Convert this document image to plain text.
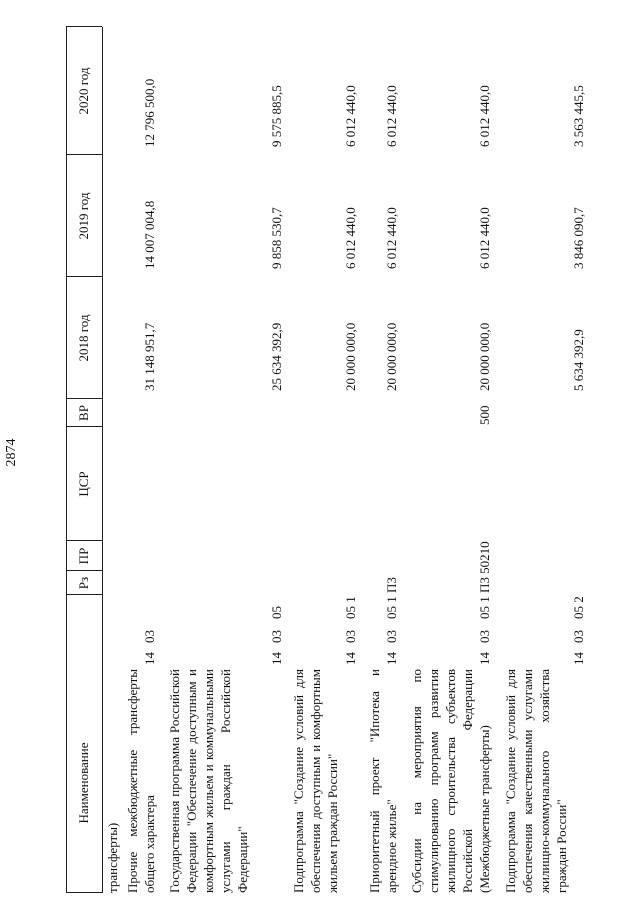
2874
Наименование
Рз
ПР
ЦСР
ВР
2018 год
2019 год
2020 год
трансферты) Прочие межбюджетные трансферты общего характера
14
03
31 148 951,7
14 007 004,8
12 796 500,0
Государственная программа Российской Федерации "Обеспечение доступным и комфортным жильем и коммунальными услугами граждан Российской Федерации"
14
03
05
25 634 392,9
9 858 530,7
9 575 885,5
Подпрограмма "Создание условий для обеспечения доступным и комфортным жильем граждан России"
14
03
05 1
20 000 000,0
6 012 440,0
6 012 440,0
Приоритетный проект "Ипотека и арендное жилье"
14
03
05 1 П3
20 000 000,0
6 012 440,0
6 012 440,0
Субсидии на мероприятия по стимулированию программ развития жилищного строительства субъектов Российской Федерации (Межбюджетные трансферты)
14
03
05 1 П3 50210
500
20 000 000,0
6 012 440,0
6 012 440,0
Подпрограмма "Создание условий для обеспечения качественными услугами жилищно-коммунального хозяйства граждан России"
14
03
05 2
5 634 392,9
3 846 090,7
3 563 445,5
